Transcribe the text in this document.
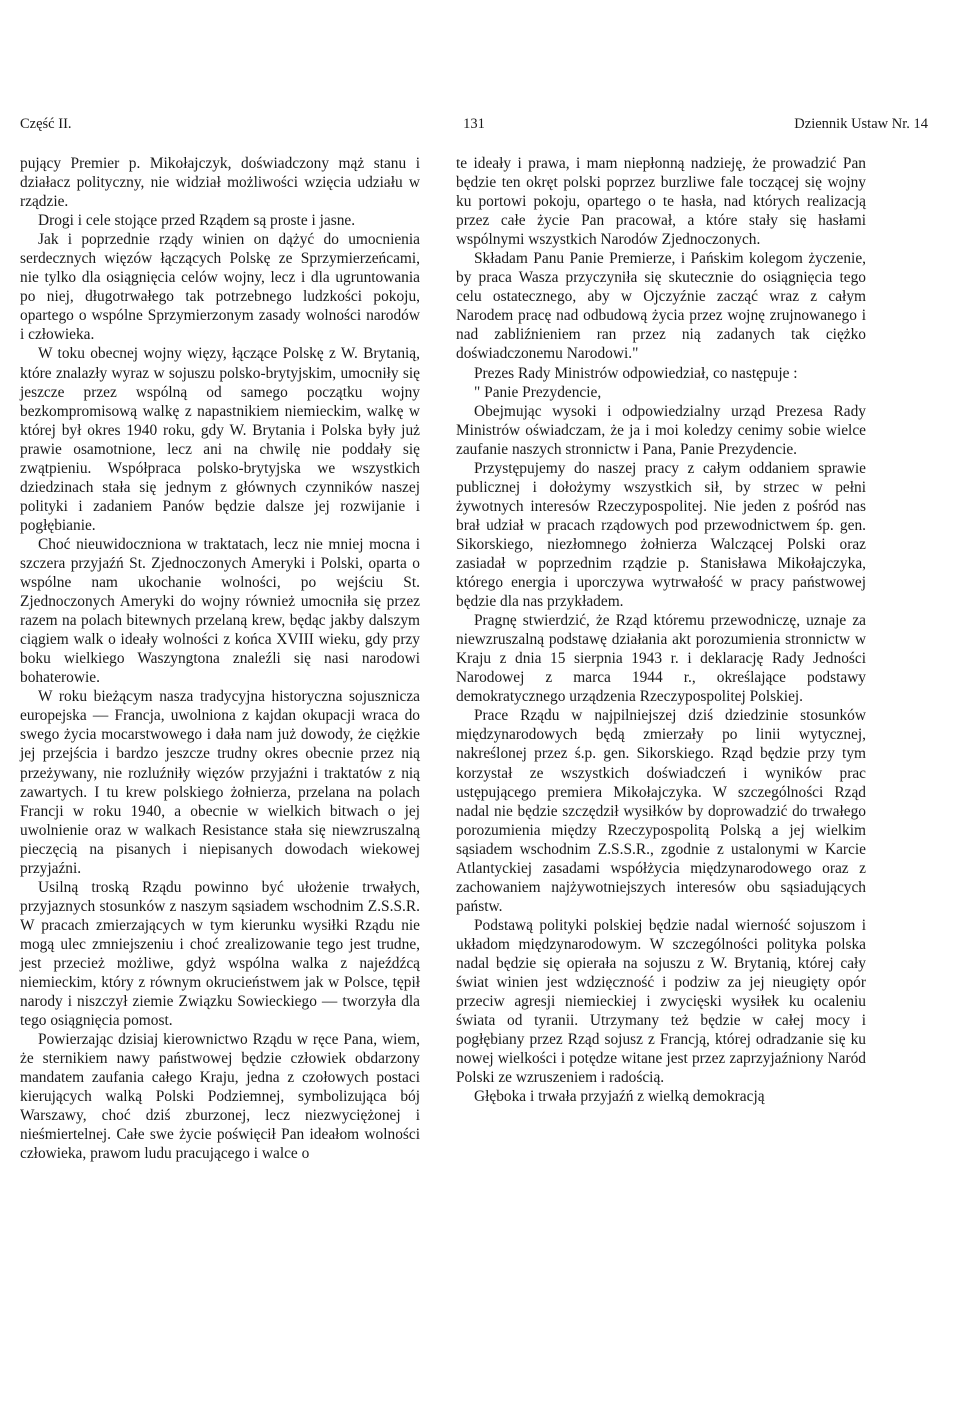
Część II.	131	Dziennik Ustaw Nr. 14

pujący Premier p. Mikołajczyk, doświadczony mąż stanu i działacz polityczny, nie widział możliwości wzięcia udziału w rządzie.

Drogi i cele stojące przed Rządem są proste i jasne.

Jak i poprzednie rządy winien on dążyć do umocnienia serdecznych więzów łączących Polskę ze Sprzymierzeńcami, nie tylko dla osiągnięcia celów wojny, lecz i dla ugruntowania po niej, długotrwałego tak potrzebnego ludzkości pokoju, opartego o wspólne Sprzymierzonym zasady wolności narodów i człowieka.

W toku obecnej wojny więzy, łączące Polskę z W. Brytanią, które znalazły wyraz w sojuszu polsko-brytyjskim, umocniły się jeszcze przez wspólną od samego początku wojny bezkompromisową walkę z napastnikiem niemieckim, walkę w której był okres 1940 roku, gdy W. Brytania i Polska były już prawie osamotnione, lecz ani na chwilę nie poddały się zwątpieniu. Współpraca polsko-brytyjska we wszystkich dziedzinach stała się jednym z głównych czynników naszej polityki i zadaniem Panów będzie dalsze jej rozwijanie i pogłębianie.

Choć nieuwidoczniona w traktatach, lecz nie mniej mocna i szczera przyjaźń St. Zjednoczonych Ameryki i Polski, oparta o wspólne nam ukochanie wolności, po wejściu St. Zjednoczonych Ameryki do wojny również umocniła się przez razem na polach bitewnych przelaną krew, będąc jakby dalszym ciągiem walk o ideały wolności z końca XVIII wieku, gdy przy boku wielkiego Waszyngtona znaleźli się nasi narodowi bohaterowie.

W roku bieżącym nasza tradycyjna historyczna sojusznicza europejska — Francja, uwolniona z kajdan okupacji wraca do swego życia mocarstwowego i dała nam już dowody, że ciężkie jej przejścia i bardzo jeszcze trudny okres obecnie przez nią przeżywany, nie rozluźniły więzów przyjaźni i traktatów z nią zawartych. I tu krew polskiego żołnierza, przelana na polach Francji w roku 1940, a obecnie w wielkich bitwach o jej uwolnienie oraz w walkach Resistance stała się niewzruszalną pieczęcią na pisanych i niepisanych dowodach wiekowej przyjaźni.

Usilną troską Rządu powinno być ułożenie trwałych, przyjaznych stosunków z naszym sąsiadem wschodnim Z.S.S.R. W pracach zmierzających w tym kierunku wysiłki Rządu nie mogą ulec zmniejszeniu i choć zrealizowanie tego jest trudne, jest przecież możliwe, gdyż wspólna walka z najeźdźcą niemieckim, który z równym okrucieństwem jak w Polsce, tępił narody i niszczył ziemie Związku Sowieckiego — tworzyła dla tego osiągnięcia pomost.

Powierzając dzisiaj kierownictwo Rządu w ręce Pana, wiem, że sternikiem nawy państwowej będzie człowiek obdarzony mandatem zaufania całego Kraju, jedna z czołowych postaci kierujących walką Polski Podziemnej, symbolizująca bój Warszawy, choć dziś zburzonej, lecz niezwyciężonej i nieśmiertelnej. Całe swe życie poświęcił Pan ideałom wolności człowieka, prawom ludu pracującego i walce o

te ideały i prawa, i mam niepłonną nadzieję, że prowadzić Pan będzie ten okręt polski poprzez burzliwe fale toczącej się wojny ku portowi pokoju, opartego o te hasła, nad których realizacją przez całe życie Pan pracował, a które stały się hasłami wspólnymi wszystkich Narodów Zjednoczonych.

Składam Panu Panie Premierze, i Pańskim kolegom życzenie, by praca Wasza przyczyniła się skutecznie do osiągnięcia tego celu ostatecznego, aby w Ojczyźnie zacząć wraz z całym Narodem pracę nad odbudową życia przez wojnę zrujnowanego i nad zabliźnieniem ran przez nią zadanych tak ciężko doświadczonemu Narodowi."

Prezes Rady Ministrów odpowiedział, co następuje :

" Panie Prezydencie,

Obejmując wysoki i odpowiedzialny urząd Prezesa Rady Ministrów oświadczam, że ja i moi koledzy cenimy sobie wielce zaufanie naszych stronnictw i Pana, Panie Prezydencie.

Przystępujemy do naszej pracy z całym oddaniem sprawie publicznej i dołożymy wszystkich sił, by strzec w pełni żywotnych interesów Rzeczypospolitej. Nie jeden z pośród nas brał udział w pracach rządowych pod przewodnictwem śp. gen. Sikorskiego, niezłomnego żołnierza Walczącej Polski oraz zasiadał w poprzednim rządzie p. Stanisława Mikołajczyka, którego energia i uporczywa wytrwałość w pracy państwowej będzie dla nas przykładem.

Pragnę stwierdzić, że Rząd któremu przewodniczę, uznaje za niewzruszalną podstawę działania akt porozumienia stronnictw w Kraju z dnia 15 sierpnia 1943 r. i deklarację Rady Jedności Narodowej z marca 1944 r., określające podstawy demokratycznego urządzenia Rzeczypospolitej Polskiej.

Prace Rządu w najpilniejszej dziś dziedzinie stosunków międzynarodowych będą zmierzały po linii wytycznej, nakreślonej przez ś.p. gen. Sikorskiego. Rząd będzie przy tym korzystał ze wszystkich doświadczeń i wyników prac ustępującego premiera Mikołajczyka. W szczególności Rząd nadal nie będzie szczędził wysiłków by doprowadzić do trwałego porozumienia między Rzeczypospolitą Polską a jej wielkim sąsiadem wschodnim Z.S.S.R., zgodnie z ustalonymi w Karcie Atlantyckiej zasadami współżycia międzynarodowego oraz z zachowaniem najżywotniejszych interesów obu sąsiadujących państw.

Podstawą polityki polskiej będzie nadal wierność sojuszom i układom międzynarodowym. W szczególności polityka polska nadal będzie się opierała na sojuszu z W. Brytanią, której cały świat winien jest wdzięczność i podziw za jej nieugięty opór przeciw agresji niemieckiej i zwycięski wysiłek ku ocaleniu świata od tyranii. Utrzymany też będzie w całej mocy i pogłębiany przez Rząd sojusz z Francją, której odradzanie się ku nowej wielkości i potędze witane jest przez zaprzyjaźniony Naród Polski ze wzruszeniem i radością.

Głęboka i trwała przyjaźń z wielką demokracją
